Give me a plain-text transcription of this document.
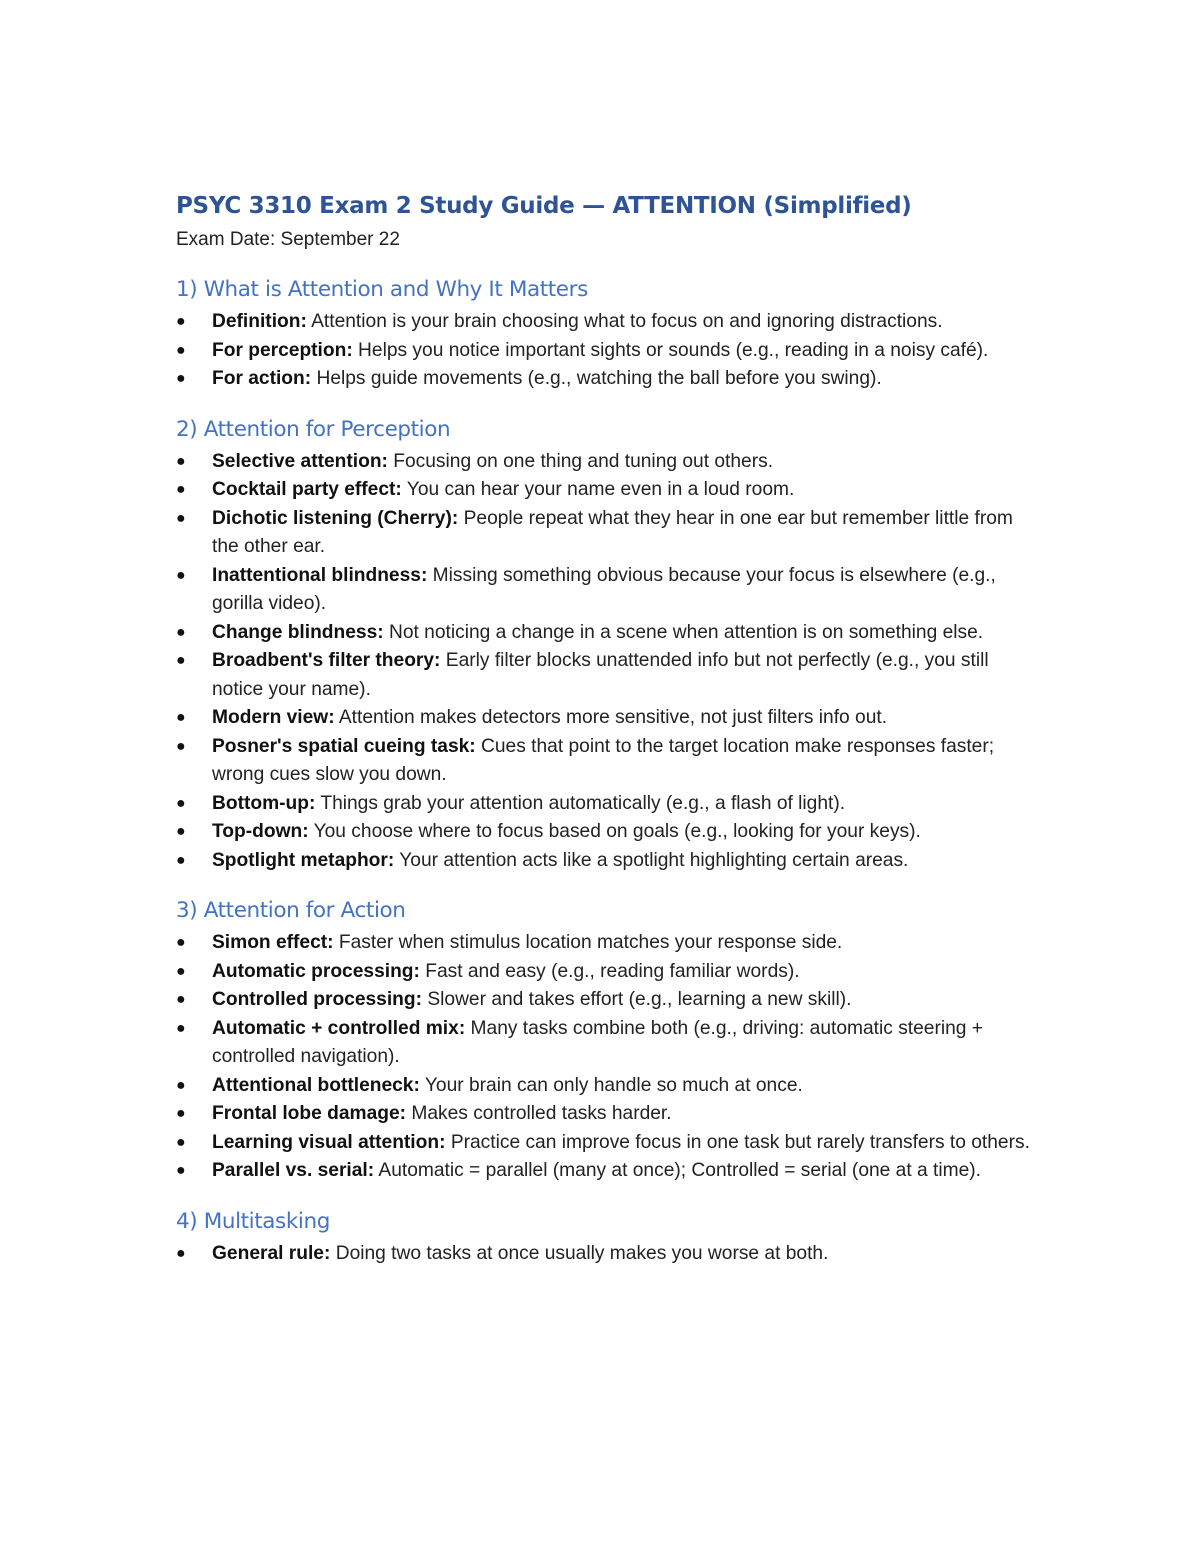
PSYC 3310 Exam 2 Study Guide — ATTENTION (Simplified)

Exam Date: September 22

1) What is Attention and Why It Matters
● Definition: Attention is your brain choosing what to focus on and ignoring distractions.
● For perception: Helps you notice important sights or sounds (e.g., reading in a noisy café).
● For action: Helps guide movements (e.g., watching the ball before you swing).
2) Attention for Perception
● Selective attention: Focusing on one thing and tuning out others.
● Cocktail party effect: You can hear your name even in a loud room.
● Dichotic listening (Cherry): People repeat what they hear in one ear but remember little from the other ear.
● Inattentional blindness: Missing something obvious because your focus is elsewhere (e.g., gorilla video).
● Change blindness: Not noticing a change in a scene when attention is on something else.
● Broadbent's filter theory: Early filter blocks unattended info but not perfectly (e.g., you still notice your name).
● Modern view: Attention makes detectors more sensitive, not just filters info out.
● Posner's spatial cueing task: Cues that point to the target location make responses faster; wrong cues slow you down.
● Bottom-up: Things grab your attention automatically (e.g., a flash of light).
● Top-down: You choose where to focus based on goals (e.g., looking for your keys).
● Spotlight metaphor: Your attention acts like a spotlight highlighting certain areas.
3) Attention for Action
● Simon effect: Faster when stimulus location matches your response side.
● Automatic processing: Fast and easy (e.g., reading familiar words).
● Controlled processing: Slower and takes effort (e.g., learning a new skill).
● Automatic + controlled mix: Many tasks combine both (e.g., driving: automatic steering + controlled navigation).
● Attentional bottleneck: Your brain can only handle so much at once.
● Frontal lobe damage: Makes controlled tasks harder.
● Learning visual attention: Practice can improve focus in one task but rarely transfers to others.
● Parallel vs. serial: Automatic = parallel (many at once); Controlled = serial (one at a time).
4) Multitasking
● General rule: Doing two tasks at once usually makes you worse at both.
